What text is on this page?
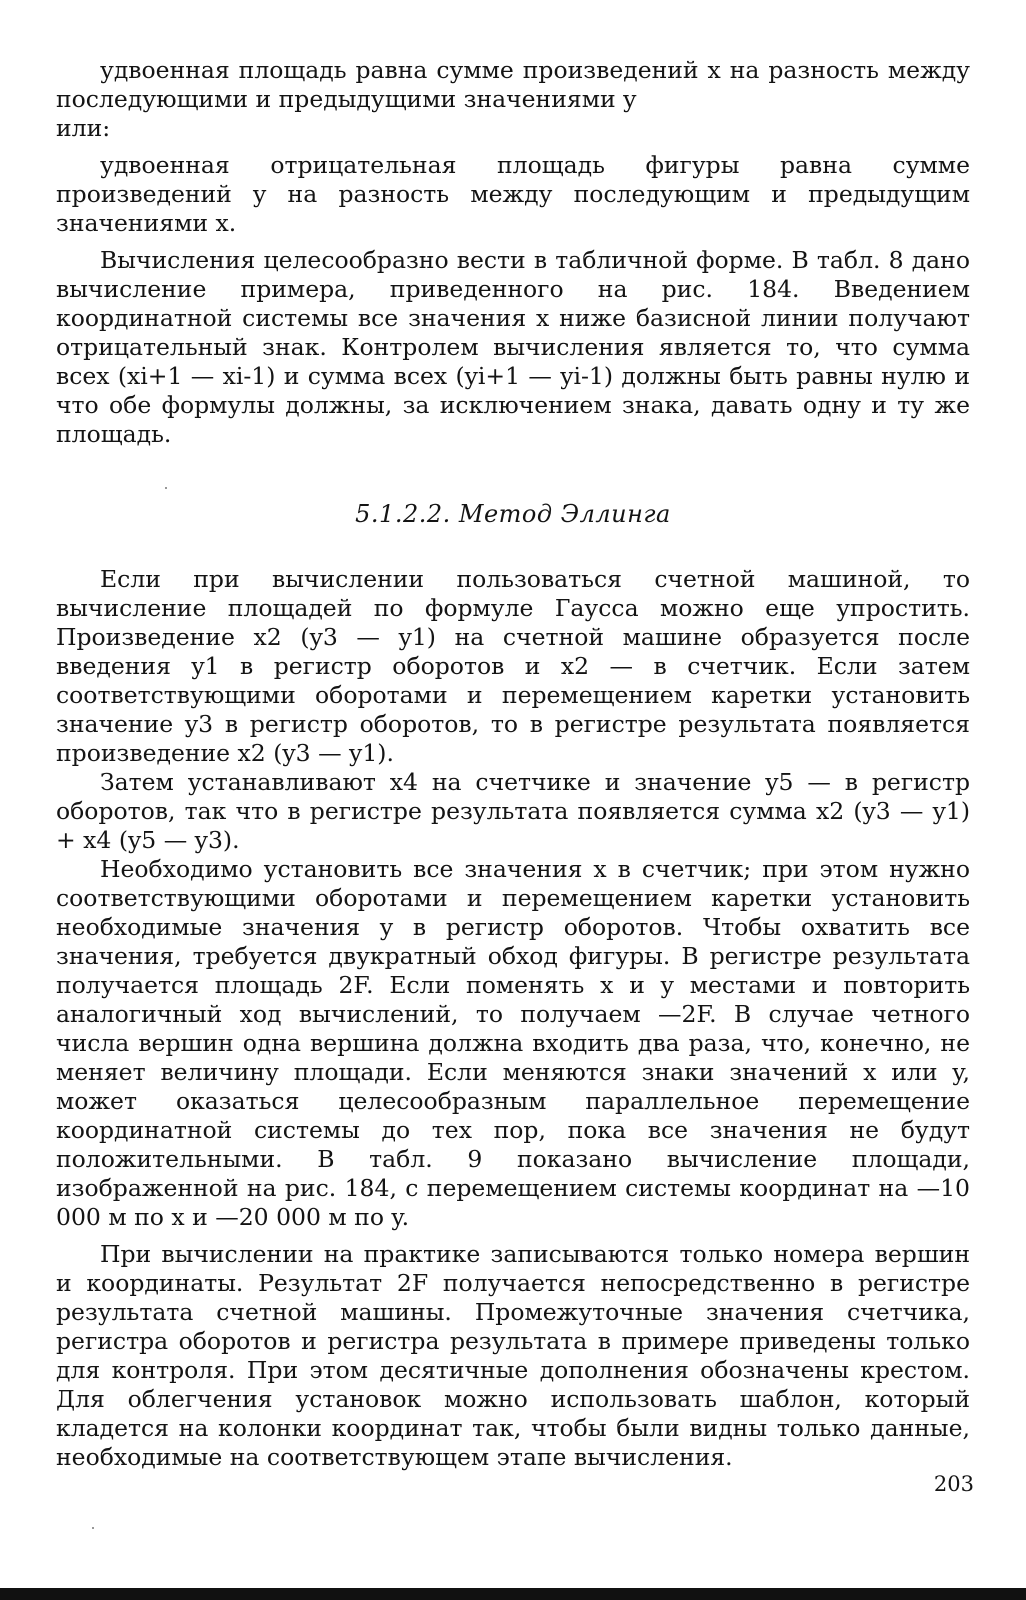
удвоенная площадь равна сумме произведений x на разность между последующими и предыдущими значениями y

или:

удвоенная отрицательная площадь фигуры равна сумме произведений y на разность между последующим и предыдущим значениями x.

Вычисления целесообразно вести в табличной форме. В табл. 8 дано вычисление примера, приведенного на рис. 184. Введением координатной системы все значения x ниже базисной линии получают отрицательный знак. Контролем вычисления является то, что сумма всех (xi+1 — xi-1) и сумма всех (yi+1 — yi-1) должны быть равны нулю и что обе формулы должны, за исключением знака, давать одну и ту же площадь.

5.1.2.2. Метод Эллинга

Если при вычислении пользоваться счетной машиной, то вычисление площадей по формуле Гаусса можно еще упростить. Произведение x2 (y3 — y1) на счетной машине образуется после введения y1 в регистр оборотов и x2 — в счетчик. Если затем соответствующими оборотами и перемещением каретки установить значение y3 в регистр оборотов, то в регистре результата появляется произведение x2 (y3 — y1).

Затем устанавливают x4 на счетчике и значение y5 — в регистр оборотов, так что в регистре результата появляется сумма x2 (y3 — y1) + x4 (y5 — y3).

Необходимо установить все значения x в счетчик; при этом нужно соответствующими оборотами и перемещением каретки установить необходимые значения y в регистр оборотов. Чтобы охватить все значения, требуется двукратный обход фигуры. В регистре результата получается площадь 2F. Если поменять x и y местами и повторить аналогичный ход вычислений, то получаем —2F. В случае четного числа вершин одна вершина должна входить два раза, что, конечно, не меняет величину площади. Если меняются знаки значений x или y, может оказаться целесообразным параллельное перемещение координатной системы до тех пор, пока все значения не будут положительными. В табл. 9 показано вычисление площади, изображенной на рис. 184, с перемещением системы координат на —10 000 м по x и —20 000 м по y.

При вычислении на практике записываются только номера вершин и координаты. Результат 2F получается непосредственно в регистре результата счетной машины. Промежуточные значения счетчика, регистра оборотов и регистра результата в примере приведены только для контроля. При этом десятичные дополнения обозначены крестом. Для облегчения установок можно использовать шаблон, который кладется на колонки координат так, чтобы были видны только данные, необходимые на соответствующем этапе вычисления.

203
